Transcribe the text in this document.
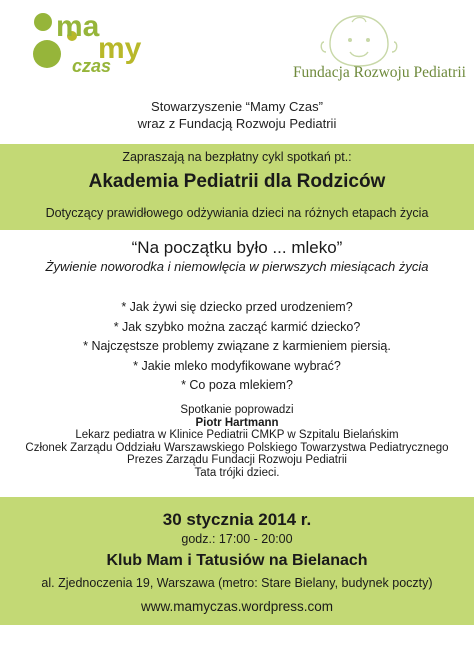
ma
my
czas	Fundacja Rozwoju Pediatrii
Stowarzyszenie “Mamy Czas”
wraz z Fundacją Rozwoju Pediatrii
Zapraszają na bezpłatny cykl spotkań pt.:
Akademia Pediatrii dla Rodziców
Dotyczący prawidłowego odżywiania dzieci na różnych etapach życia
“Na początku było ... mleko”
Żywienie noworodka i niemowlęcia w pierwszych miesiącach życia
* Jak żywi się dziecko przed urodzeniem?
* Jak szybko można zacząć karmić dziecko?
* Najczęstsze problemy związane z karmieniem piersią.
* Jakie mleko modyfikowane wybrać?
* Co poza mlekiem?
Spotkanie poprowadzi
Piotr Hartmann
Lekarz pediatra w Klinice Pediatrii CMKP w Szpitalu Bielańskim
Członek Zarządu Oddziału Warszawskiego Polskiego Towarzystwa Pediatrycznego
Prezes Zarządu Fundacji Rozwoju Pediatrii
Tata trójki dzieci.
30 stycznia 2014 r.
godz.: 17:00 - 20:00
Klub Mam i Tatusiów na Bielanach
al. Zjednoczenia 19, Warszawa (metro: Stare Bielany, budynek poczty)
www.mamyczas.wordpress.com
